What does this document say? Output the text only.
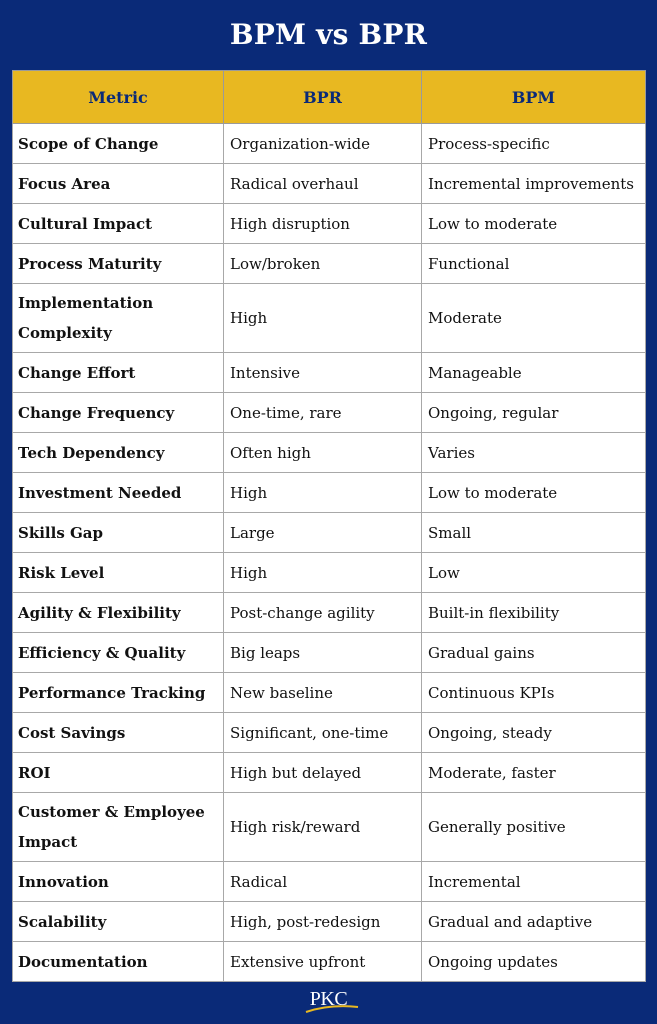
BPM vs BPR
Metric	BPR	BPM
Scope of Change	Organization-wide	Process-specific
Focus Area	Radical overhaul	Incremental improvements
Cultural Impact	High disruption	Low to moderate
Process Maturity	Low/broken	Functional
Implementation Complexity	High	Moderate
Change Effort	Intensive	Manageable
Change Frequency	One-time, rare	Ongoing, regular
Tech Dependency	Often high	Varies
Investment Needed	High	Low to moderate
Skills Gap	Large	Small
Risk Level	High	Low
Agility & Flexibility	Post-change agility	Built-in flexibility
Efficiency & Quality	Big leaps	Gradual gains
Performance Tracking	New baseline	Continuous KPIs
Cost Savings	Significant, one-time	Ongoing, steady
ROI	High but delayed	Moderate, faster
Customer & Employee Impact	High risk/reward	Generally positive
Innovation	Radical	Incremental
Scalability	High, post-redesign	Gradual and adaptive
Documentation	Extensive upfront	Ongoing updates
PKC
